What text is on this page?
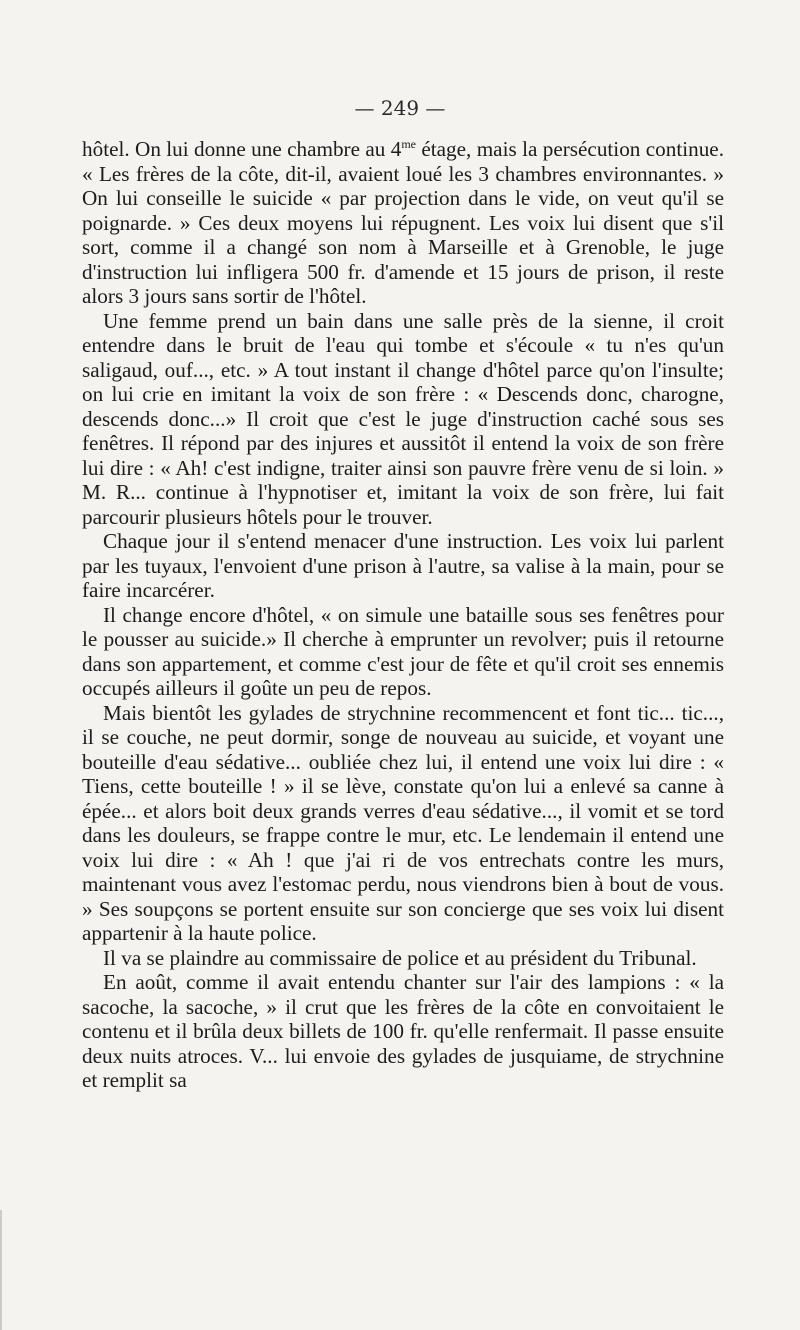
— 249 —

hôtel. On lui donne une chambre au $4^{me}$ étage, mais la persécution continue. « Les frères de la côte, dit-il, avaient loué les 3 chambres environnantes. » On lui conseille le suicide « par projection dans le vide, on veut qu'il se poignarde. » Ces deux moyens lui répugnent. Les voix lui disent que s'il sort, comme il a changé son nom à Marseille et à Grenoble, le juge d'instruction lui infligera 500 fr. d'amende et 15 jours de prison, il reste alors 3 jours sans sortir de l'hôtel.

Une femme prend un bain dans une salle près de la sienne, il croit entendre dans le bruit de l'eau qui tombe et s'écoule « tu n'es qu'un saligaud, ouf..., etc. » A tout instant il change d'hôtel parce qu'on l'insulte; on lui crie en imitant la voix de son frère : « Descends donc, charogne, descends donc...» Il croit que c'est le juge d'instruction caché sous ses fenêtres. Il répond par des injures et aussitôt il entend la voix de son frère lui dire : « Ah! c'est indigne, traiter ainsi son pauvre frère venu de si loin. » M. R... continue à l'hypnotiser et, imitant la voix de son frère, lui fait parcourir plusieurs hôtels pour le trouver.

Chaque jour il s'entend menacer d'une instruction. Les voix lui parlent par les tuyaux, l'envoient d'une prison à l'autre, sa valise à la main, pour se faire incarcérer.

Il change encore d'hôtel, « on simule une bataille sous ses fenêtres pour le pousser au suicide.» Il cherche à emprunter un revolver; puis il retourne dans son appartement, et comme c'est jour de fête et qu'il croit ses ennemis occupés ailleurs il goûte un peu de repos.

Mais bientôt les gylades de strychnine recommencent et font tic... tic..., il se couche, ne peut dormir, songe de nouveau au suicide, et voyant une bouteille d'eau sédative... oubliée chez lui, il entend une voix lui dire : « Tiens, cette bouteille ! » il se lève, constate qu'on lui a enlevé sa canne à épée... et alors boit deux grands verres d'eau sédative..., il vomit et se tord dans les douleurs, se frappe contre le mur, etc. Le lendemain il entend une voix lui dire : « Ah ! que j'ai ri de vos entrechats contre les murs, maintenant vous avez l'estomac perdu, nous viendrons bien à bout de vous. » Ses soupçons se portent ensuite sur son concierge que ses voix lui disent appartenir à la haute police.

Il va se plaindre au commissaire de police et au président du Tribunal.

En août, comme il avait entendu chanter sur l'air des lampions : « la sacoche, la sacoche, » il crut que les frères de la côte en convoitaient le contenu et il brûla deux billets de 100 fr. qu'elle renfermait. Il passe ensuite deux nuits atroces. V... lui envoie des gylades de jusquiame, de strychnine et remplit sa
